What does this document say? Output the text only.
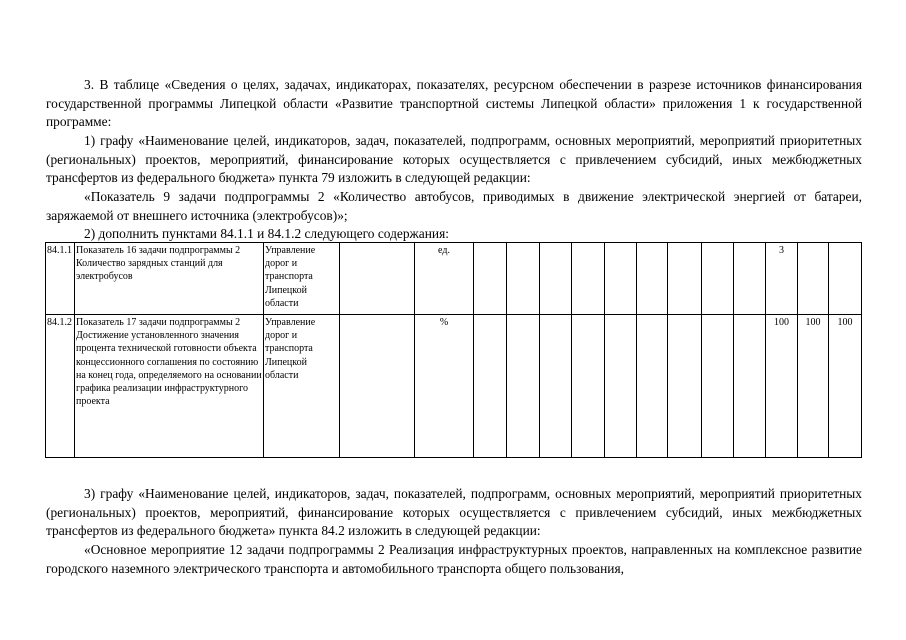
3. В таблице «Сведения о целях, задачах, индикаторах, показателях, ресурсном обеспечении в разрезе источников финансирования государственной программы Липецкой области «Развитие транспортной системы Липецкой области» приложения 1 к государственной программе:

1) графу «Наименование целей, индикаторов, задач, показателей, подпрограмм, основных мероприятий, мероприятий приоритетных (региональных) проектов, мероприятий, финансирование которых осуществляется с привлечением субсидий, иных межбюджетных трансфертов из федерального бюджета» пункта 79 изложить в следующей редакции:

«Показатель 9 задачи подпрограммы 2 «Количество автобусов, приводимых в движение электрической энергией от батареи, заряжаемой от внешнего источника (электробусов)»;

2) дополнить пунктами 84.1.1 и 84.1.2 следующего содержания:

84.1.1	Показатель 16 задачи подпрограммы 2 Количество зарядных станций для электробусов	Управление дорог и транспорта Липецкой области		ед.										3		
84.1.2	Показатель 17 задачи подпрограммы 2 Достижение установленного значения процента технической готовности объекта концессионного соглашения по состоянию на конец года, определяемого на основании графика реализации инфраструктурного проекта	Управление дорог и транспорта Липецкой области		%										100	100	100

3) графу «Наименование целей, индикаторов, задач, показателей, подпрограмм, основных мероприятий, мероприятий приоритетных (региональных) проектов, мероприятий, финансирование которых осуществляется с привлечением субсидий, иных межбюджетных трансфертов из федерального бюджета» пункта 84.2 изложить в следующей редакции:

«Основное мероприятие 12 задачи подпрограммы 2 Реализация инфраструктурных проектов, направленных на комплексное развитие городского наземного электрического транспорта и автомобильного транспорта общего пользования,
